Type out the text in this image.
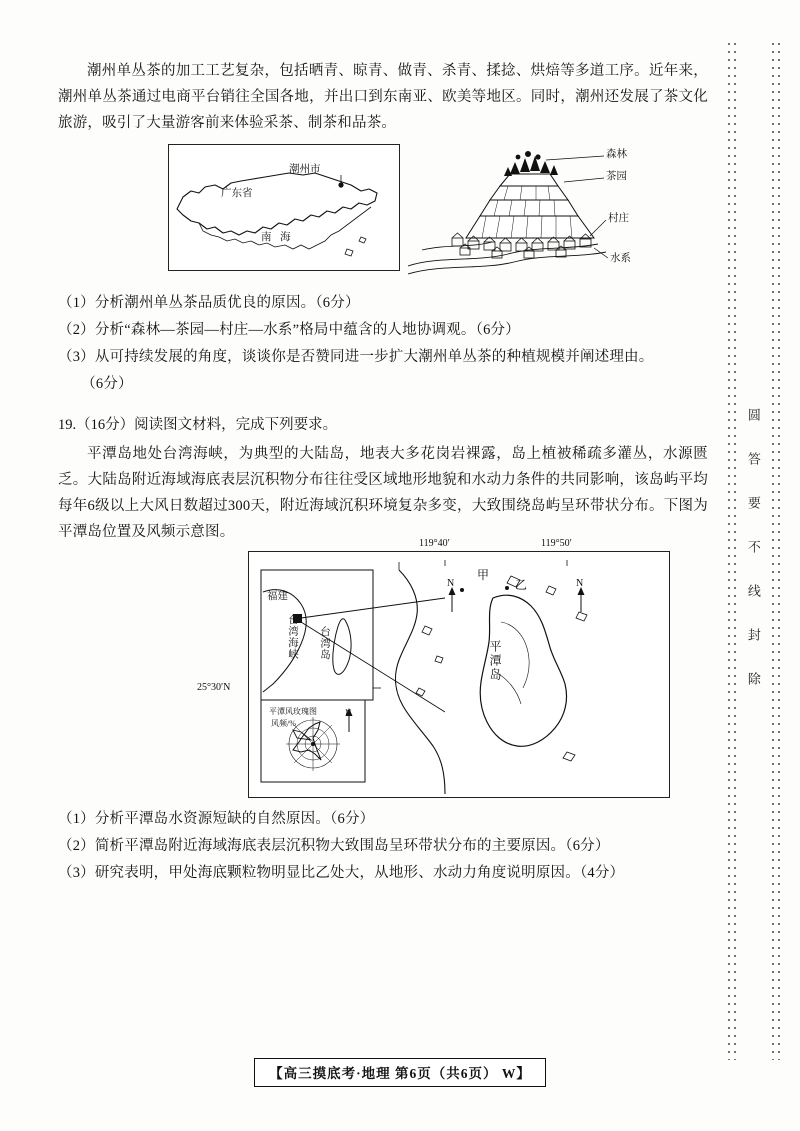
圆 答 要 不 线 封 除

潮州单丛茶的加工工艺复杂，包括晒青、晾青、做青、杀青、揉捻、烘焙等多道工序。近年来，潮州单丛茶通过电商平台销往全国各地，并出口到东南亚、欧美等地区。同时，潮州还发展了茶文化旅游，吸引了大量游客前来体验采茶、制茶和品茶。

广东省
潮州市
南 海
森林
茶园
村庄
水系

（1）分析潮州单丛茶品质优良的原因。（6分）

（2）分析“森林—茶园—村庄—水系”格局中蕴含的人地协调观。（6分）

（3）从可持续发展的角度，谈谈你是否赞同进一步扩大潮州单丛茶的种植规模并阐述理由。

（6分）

19.（16分）阅读图文材料，完成下列要求。

平潭岛地处台湾海峡，为典型的大陆岛，地表大多花岗岩裸露，岛上植被稀疏多灌丛，水源匮乏。大陆岛附近海域海底表层沉积物分布往往受区域地形地貌和水动力条件的共同影响，该岛屿平均每年6级以上大风日数超过300天，附近海域沉积环境复杂多变，大致围绕岛屿呈环带状分布。下图为平潭岛位置及风频示意图。

福建
台湾海峡 台湾岛	平潭岛
甲
乙
119°40′	119°50′
25°30′N
平潭风玫瑰图
风频/%
N
N	N

（1）分析平潭岛水资源短缺的自然原因。（6分）

（2）简析平潭岛附近海域海底表层沉积物大致围岛呈环带状分布的主要原因。（6分）

（3）研究表明，甲处海底颗粒物明显比乙处大，从地形、水动力角度说明原因。（4分）

【高三摸底考·地理 第6页（共6页） W】
